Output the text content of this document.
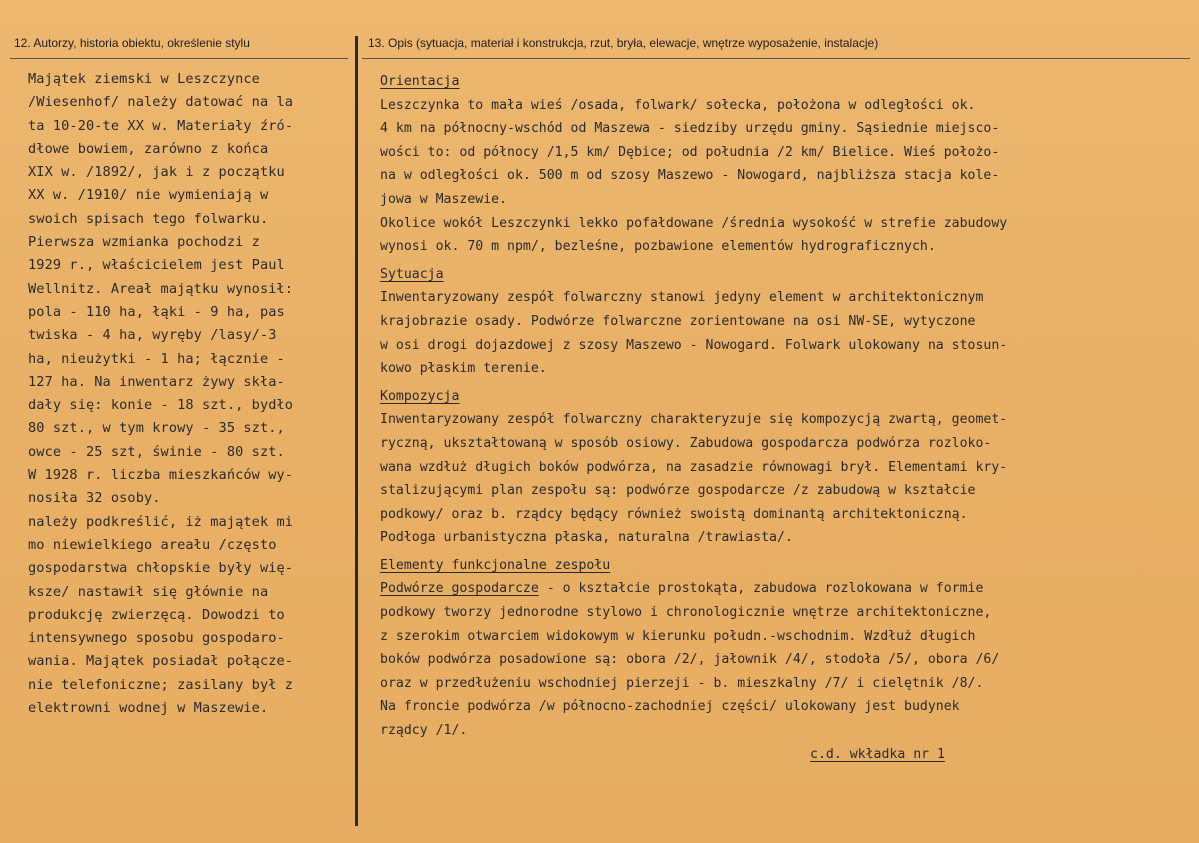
12. Autorzy, historia obiektu, określenie stylu	13. Opis (sytuacja, materiał i konstrukcja, rzut, bryła, elewacje, wnętrze wyposażenie, instalacje)
Majątek ziemski w Leszczynce
/Wiesenhof/ należy datować na la
ta 10-20-te XX w. Materiały źró-
dłowe bowiem, zarówno z końca
XIX w. /1892/, jak i z początku
XX w. /1910/ nie wymieniają w
swoich spisach tego folwarku.
Pierwsza wzmianka pochodzi z
1929 r., właścicielem jest Paul
Wellnitz. Areał majątku wynosił:
pola - 110 ha, łąki - 9 ha, pas
twiska - 4 ha, wyręby /lasy/-3
ha, nieużytki - 1 ha; łącznie -
127 ha. Na inwentarz żywy skła-
dały się: konie - 18 szt., bydło
80 szt., w tym krowy - 35 szt.,
owce - 25 szt, świnie - 80 szt.
W 1928 r. liczba mieszkańców wy-
nosiła 32 osoby.
należy podkreślić, iż majątek mi
mo niewielkiego areału /często
gospodarstwa chłopskie były wię-
ksze/ nastawił się głównie na
produkcję zwierzęcą. Dowodzi to
intensywnego sposobu gospodaro-
wania. Majątek posiadał połącze-
nie telefoniczne; zasilany był z
elektrowni wodnej w Maszewie.
Orientacja
Leszczynka to mała wieś /osada, folwark/ sołecka, położona w odległości ok.
4 km na północny-wschód od Maszewa - siedziby urzędu gminy. Sąsiednie miejsco-
wości to: od północy /1,5 km/ Dębice; od południa /2 km/ Bielice. Wieś położo-
na w odległości ok. 500 m od szosy Maszewo - Nowogard, najbliższa stacja kole-
jowa w Maszewie.
Okolice wokół Leszczynki lekko pofałdowane /średnia wysokość w strefie zabudowy
wynosi ok. 70 m npm/, bezleśne, pozbawione elementów hydrograficznych.
Sytuacja
Inwentaryzowany zespół folwarczny stanowi jedyny element w architektonicznym
krajobrazie osady. Podwórze folwarczne zorientowane na osi NW-SE, wytyczone
w osi drogi dojazdowej z szosy Maszewo - Nowogard. Folwark ulokowany na stosun-
kowo płaskim terenie.
Kompozycja
Inwentaryzowany zespół folwarczny charakteryzuje się kompozycją zwartą, geomet-
ryczną, ukształtowaną w sposób osiowy. Zabudowa gospodarcza podwórza rozloko-
wana wzdłuż długich boków podwórza, na zasadzie równowagi brył. Elementami kry-
stalizującymi plan zespołu są: podwórze gospodarcze /z zabudową w kształcie
podkowy/ oraz b. rządcy będący również swoistą dominantą architektoniczną.
Podłoga urbanistyczna płaska, naturalna /trawiasta/.
Elementy funkcjonalne zespołu
Podwórze gospodarcze - o kształcie prostokąta, zabudowa rozlokowana w formie
podkowy tworzy jednorodne stylowo i chronologicznie wnętrze architektoniczne,
z szerokim otwarciem widokowym w kierunku połudn.-wschodnim. Wzdłuż długich
boków podwórza posadowione są: obora /2/, jałownik /4/, stodoła /5/, obora /6/
oraz w przedłużeniu wschodniej pierzeji - b. mieszkalny /7/ i cielętnik /8/.
Na froncie podwórza /w północno-zachodniej części/ ulokowany jest budynek
rządcy /1/.
c.d. wkładka nr 1
